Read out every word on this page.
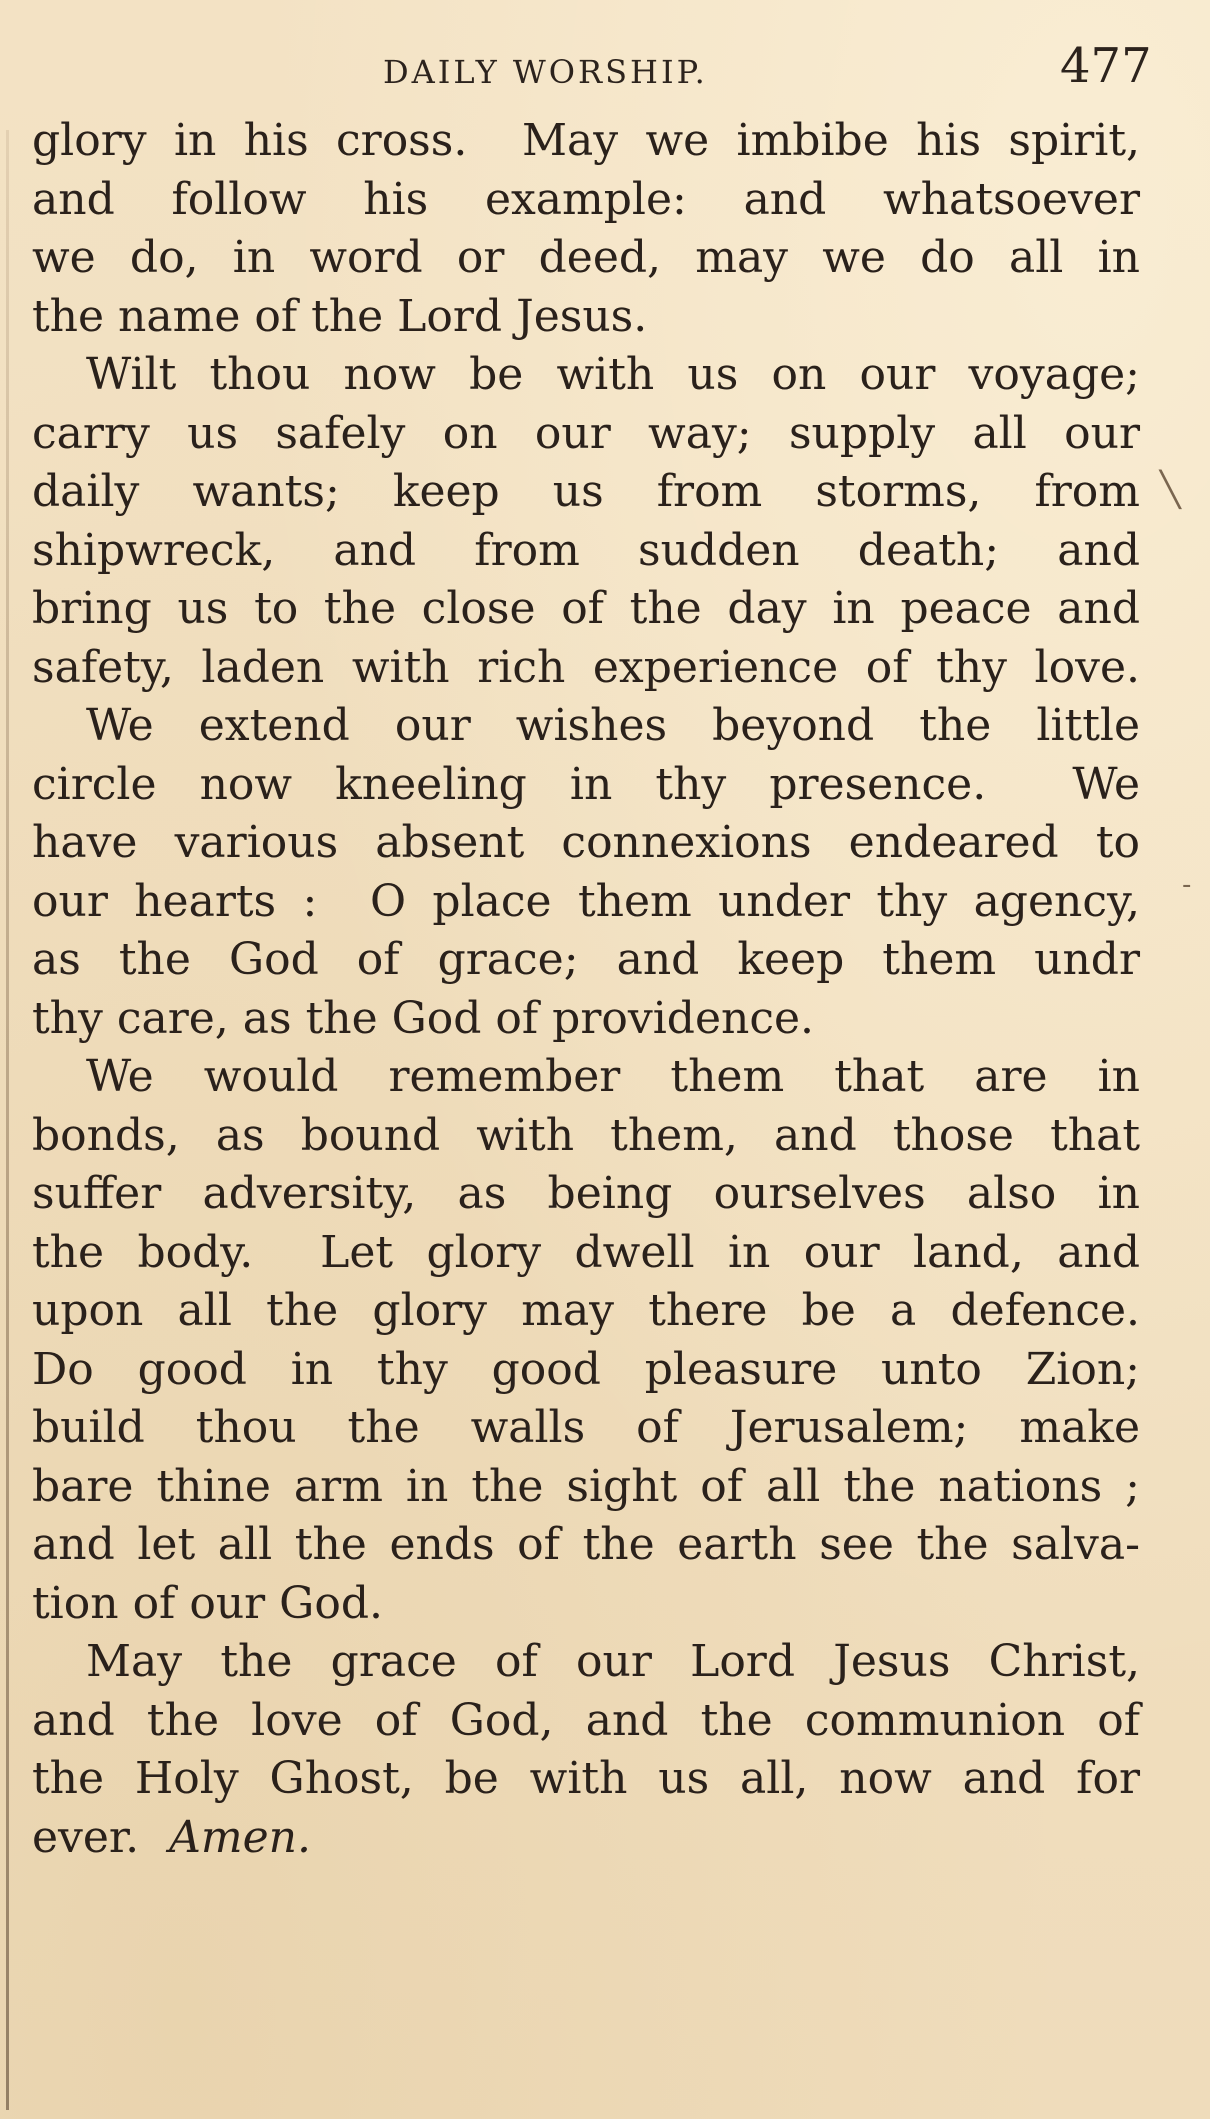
DAILY WORSHIP.	477
glory in his cross.  May we imbibe his spirit,
and follow his example: and whatsoever
we do, in word or deed, may we do all in
the name of the Lord Jesus.
Wilt thou now be with us on our voyage;
carry us safely on our way; supply all our
daily wants; keep us from storms, from
shipwreck, and from sudden death; and
bring us to the close of the day in peace and
safety, laden with rich experience of thy love.
We extend our wishes beyond the little
circle now kneeling in thy presence.  We
have various absent connexions endeared to
our hearts :  O place them under thy agency,
as the God of grace; and keep them undr
thy care, as the God of providence.
We would remember them that are in
bonds, as bound with them, and those that
suffer adversity, as being ourselves also in
the body.  Let glory dwell in our land, and
upon all the glory may there be a defence.
Do good in thy good pleasure unto Zion;
build thou the walls of Jerusalem; make
bare thine arm in the sight of all the nations ;
and let all the ends of the earth see the salva-
tion of our God.
May the grace of our Lord Jesus Christ,
and the love of God, and the communion of
the Holy Ghost, be with us all, now and for
ever. Amen.
╲
‑
